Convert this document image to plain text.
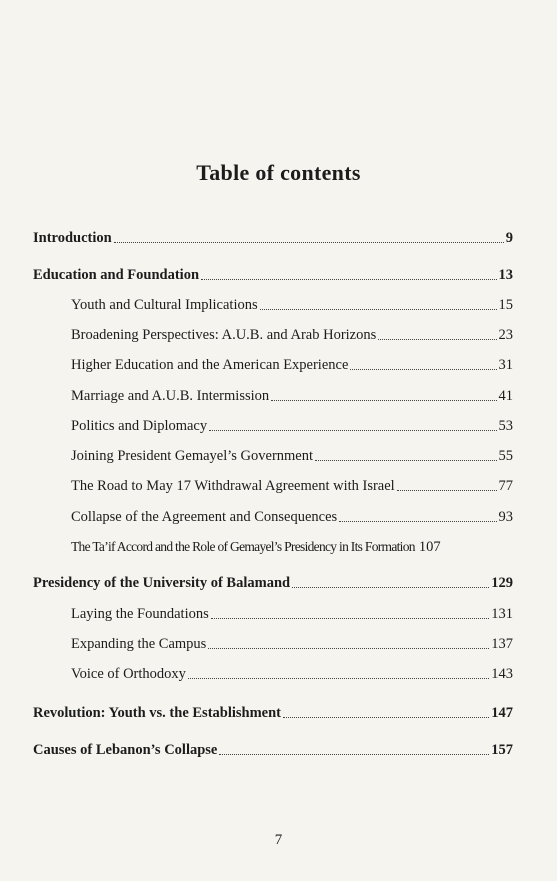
Table of contents
Introduction	9
Education and Foundation	13
Youth and Cultural Implications	15
Broadening Perspectives: A.U.B. and Arab Horizons	23
Higher Education and the American Experience	31
Marriage and A.U.B. Intermission	41
Politics and Diplomacy	53
Joining President Gemayel’s Government	55
The Road to May 17 Withdrawal Agreement with Israel	77
Collapse of the Agreement and Consequences	93
The Ta’if Accord and the Role of Gemayel’s Presidency in Its Formation 107
Presidency of the University of Balamand	129
Laying the Foundations	131
Expanding the Campus	137
Voice of Orthodoxy	143
Revolution: Youth vs. the Establishment	147
Causes of Lebanon’s Collapse	157
7
